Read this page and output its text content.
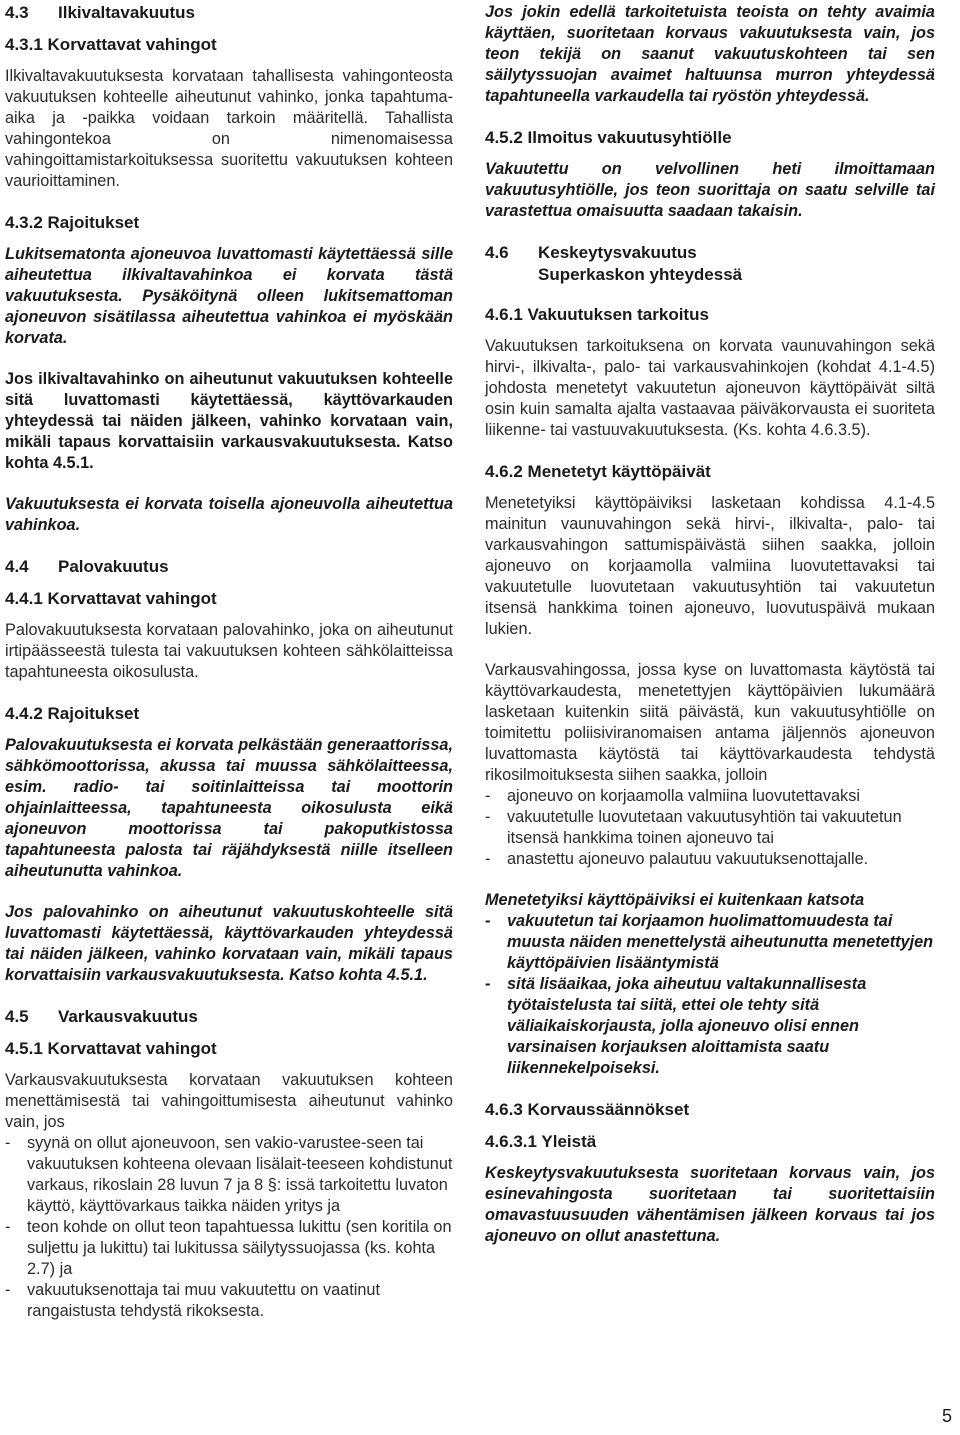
4.3 Ilkivaltavakuutus
4.3.1 Korvattavat vahingot

Ilkivaltavakuutuksesta korvataan tahallisesta vahingonteosta vakuutuksen kohteelle aiheutunut vahinko, jonka tapahtuma-aika ja -paikka voidaan tarkoin määritellä. Tahallista vahingontekoa on nimenomaisessa vahingoittamistarkoituksessa suoritettu vakuutuksen kohteen vaurioittaminen.

4.3.2 Rajoitukset

Lukitsematonta ajoneuvoa luvattomasti käytettäessä sille aiheutettua ilkivaltavahinkoa ei korvata tästä vakuutuksesta. Pysäköitynä olleen lukitsemattoman ajoneuvon sisätilassa aiheutettua vahinkoa ei myöskään korvata.

Jos ilkivaltavahinko on aiheutunut vakuutuksen kohteelle sitä luvattomasti käytettäessä, käyttövarkauden yhteydessä tai näiden jälkeen, vahinko korvataan vain, mikäli tapaus korvattaisiin varkausvakuutuksesta. Katso kohta 4.5.1.

Vakuutuksesta ei korvata toisella ajoneuvolla aiheutettua vahinkoa.

4.4 Palovakuutus
4.4.1 Korvattavat vahingot

Palovakuutuksesta korvataan palovahinko, joka on aiheutunut irtipäässeestä tulesta tai vakuutuksen kohteen sähkölaitteissa tapahtuneesta oikosulusta.

4.4.2 Rajoitukset

Palovakuutuksesta ei korvata pelkästään generaattorissa, sähkömoottorissa, akussa tai muussa sähkölaitteessa, esim. radio- tai soitinlaitteissa tai moottorin ohjainlaitteessa, tapahtuneesta oikosulusta eikä ajoneuvon moottorissa tai pakoputkistossa tapahtuneesta palosta tai räjähdyksestä niille itselleen aiheutunutta vahinkoa.

Jos palovahinko on aiheutunut vakuutuskohteelle sitä luvattomasti käytettäessä, käyttövarkauden yhteydessä tai näiden jälkeen, vahinko korvataan vain, mikäli tapaus korvattaisiin varkausvakuutuksesta. Katso kohta 4.5.1.

4.5 Varkausvakuutus
4.5.1 Korvattavat vahingot

Varkausvakuutuksesta korvataan vakuutuksen kohteen menettämisestä tai vahingoittumisesta aiheutunut vahinko vain, jos

- syynä on ollut ajoneuvoon, sen vakio-varustee-seen tai vakuutuksen kohteena olevaan lisälait-teeseen kohdistunut varkaus, rikoslain 28 luvun 7 ja 8 §: issä tarkoitettu luvaton käyttö, käyttövarkaus taikka näiden yritys ja
- teon kohde on ollut teon tapahtuessa lukittu (sen koritila on suljettu ja lukittu) tai lukitussa säilytyssuojassa (ks. kohta 2.7) ja
- vakuutuksenottaja tai muu vakuutettu on vaatinut rangaistusta tehdystä rikoksesta.

Jos jokin edellä tarkoitetuista teoista on tehty avaimia käyttäen, suoritetaan korvaus vakuutuksesta vain, jos teon tekijä on saanut vakuutuskohteen tai sen säilytyssuojan avaimet haltuunsa murron yhteydessä tapahtuneella varkaudella tai ryöstön yhteydessä.

4.5.2 Ilmoitus vakuutusyhtiölle

Vakuutettu on velvollinen heti ilmoittamaan vakuutusyhtiölle, jos teon suorittaja on saatu selville tai varastettua omaisuutta saadaan takaisin.

4.6	Keskeytysvakuutus Superkaskon yhteydessä
4.6.1 Vakuutuksen tarkoitus

Vakuutuksen tarkoituksena on korvata vaunuvahingon sekä hirvi-, ilkivalta-, palo- tai varkausvahinkojen (kohdat 4.1-4.5) johdosta menetetyt vakuutetun ajoneuvon käyttöpäivät siltä osin kuin samalta ajalta vastaavaa päiväkorvausta ei suoriteta liikenne- tai vastuuvakuutuksesta. (Ks. kohta 4.6.3.5).

4.6.2 Menetetyt käyttöpäivät

Menetetyiksi käyttöpäiviksi lasketaan kohdissa 4.1-4.5 mainitun vaunuvahingon sekä hirvi-, ilkivalta-, palo- tai varkausvahingon sattumispäivästä siihen saakka, jolloin ajoneuvo on korjaamolla valmiina luovutettavaksi tai vakuutetulle luovutetaan vakuutusyhtiön tai vakuutetun itsensä hankkima toinen ajoneuvo, luovutuspäivä mukaan lukien.

Varkausvahingossa, jossa kyse on luvattomasta käytöstä tai käyttövarkaudesta, menetettyjen käyttöpäivien lukumäärä lasketaan kuitenkin siitä päivästä, kun vakuutusyhtiölle on toimitettu poliisiviranomaisen antama jäljennös ajoneuvon luvattomasta käytöstä tai käyttövarkaudesta tehdystä rikosilmoituksesta siihen saakka, jolloin

- ajoneuvo on korjaamolla valmiina luovutettavaksi
- vakuutetulle luovutetaan vakuutusyhtiön tai vakuutetun itsensä hankkima toinen ajoneuvo tai
- anastettu ajoneuvo palautuu vakuutuksenottajalle.

Menetetyiksi käyttöpäiviksi ei kuitenkaan katsota

- vakuutetun tai korjaamon huolimattomuudesta tai muusta näiden menettelystä aiheutunutta menetettyjen käyttöpäivien lisääntymistä
- sitä lisäaikaa, joka aiheutuu valtakunnallisesta työtaistelusta tai siitä, ettei ole tehty sitä väliaikaiskorjausta, jolla ajoneuvo olisi ennen varsinaisen korjauksen aloittamista saatu liikennekelpoiseksi.
4.6.3 Korvaussäännökset
4.6.3.1 Yleistä

Keskeytysvakuutuksesta suoritetaan korvaus vain, jos esinevahingosta suoritetaan tai suoritettaisiin omavastuusuuden vähentämisen jälkeen korvaus tai jos ajoneuvo on ollut anastettuna.

5
